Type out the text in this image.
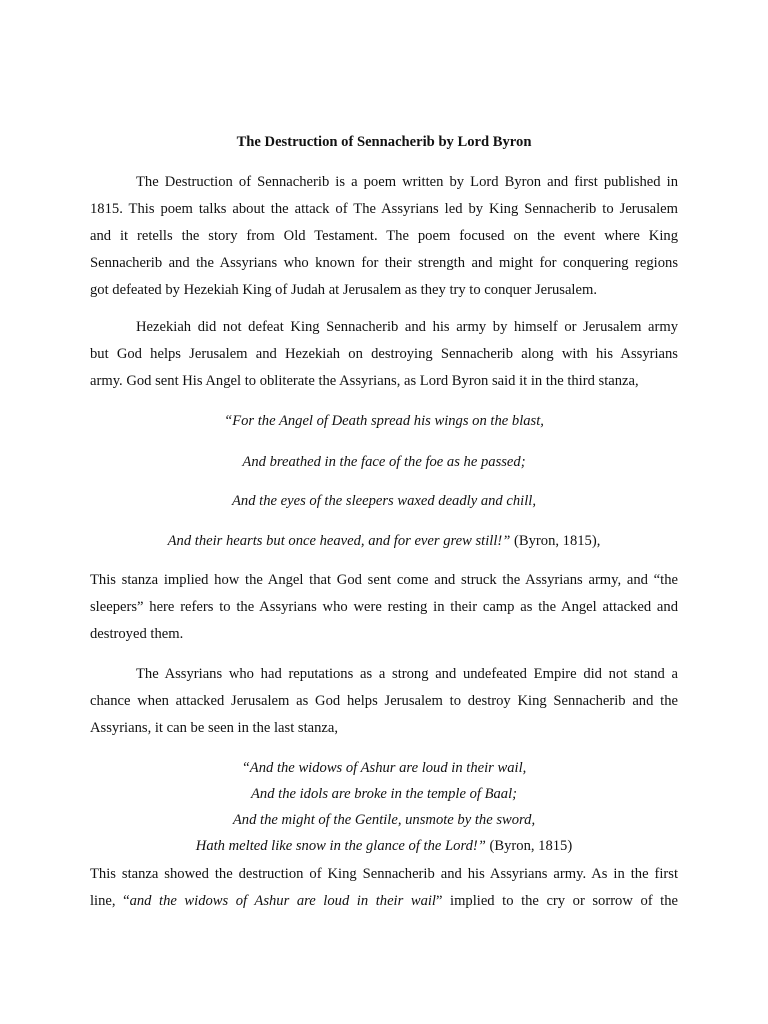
The Destruction of Sennacherib by Lord Byron
The Destruction of Sennacherib is a poem written by Lord Byron and first published in
1815. This poem talks about the attack of The Assyrians led by King Sennacherib to Jerusalem
and it retells the story from Old Testament. The poem focused on the event where King
Sennacherib and the Assyrians who known for their strength and might for conquering regions
got defeated by Hezekiah King of Judah at Jerusalem as they try to conquer Jerusalem.
Hezekiah did not defeat King Sennacherib and his army by himself or Jerusalem army
but God helps Jerusalem and Hezekiah on destroying Sennacherib along with his Assyrians
army. God sent His Angel to obliterate the Assyrians, as Lord Byron said it in the third stanza,
“For the Angel of Death spread his wings on the blast,
And breathed in the face of the foe as he passed;
And the eyes of the sleepers waxed deadly and chill,
And their hearts but once heaved, and for ever grew still!” (Byron, 1815),
This stanza implied how the Angel that God sent come and struck the Assyrians army, and “the
sleepers” here refers to the Assyrians who were resting in their camp as the Angel attacked and
destroyed them.
The Assyrians who had reputations as a strong and undefeated Empire did not stand a
chance when attacked Jerusalem as God helps Jerusalem to destroy King Sennacherib and the
Assyrians, it can be seen in the last stanza,
“And the widows of Ashur are loud in their wail,
And the idols are broke in the temple of Baal;
And the might of the Gentile, unsmote by the sword,
Hath melted like snow in the glance of the Lord!” (Byron, 1815)
This stanza showed the destruction of King Sennacherib and his Assyrians army. As in the first
line, “and the widows of Ashur are loud in their wail” implied to the cry or sorrow of the
